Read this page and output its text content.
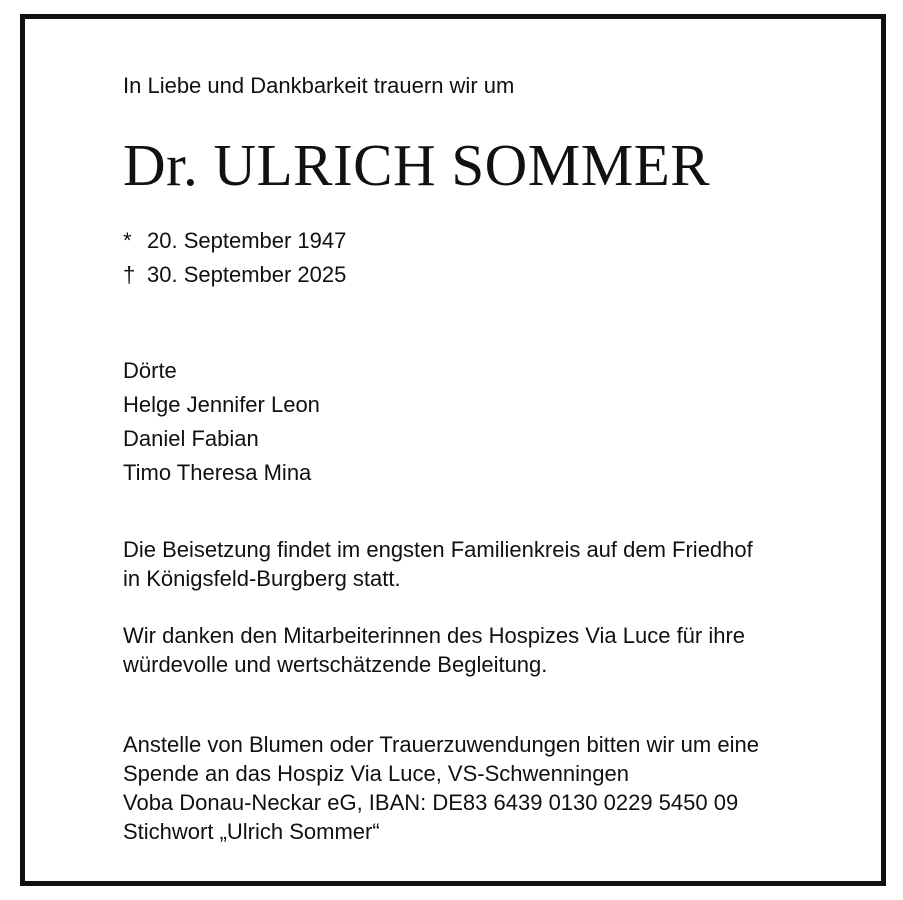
In Liebe und Dankbarkeit trauern wir um
Dr. ULRICH SOMMER
* 20. September 1947
† 30. September 2025
Dörte
Helge Jennifer Leon
Daniel Fabian
Timo Theresa Mina
Die Beisetzung findet im engsten Familienkreis auf dem Friedhof
in Königsfeld-Burgberg statt.
Wir danken den Mitarbeiterinnen des Hospizes Via Luce für ihre
würdevolle und wertschätzende Begleitung.
Anstelle von Blumen oder Trauerzuwendungen bitten wir um eine
Spende an das Hospiz Via Luce, VS-Schwenningen
Voba Donau-Neckar eG, IBAN: DE83 6439 0130 0229 5450 09
Stichwort „Ulrich Sommer“
